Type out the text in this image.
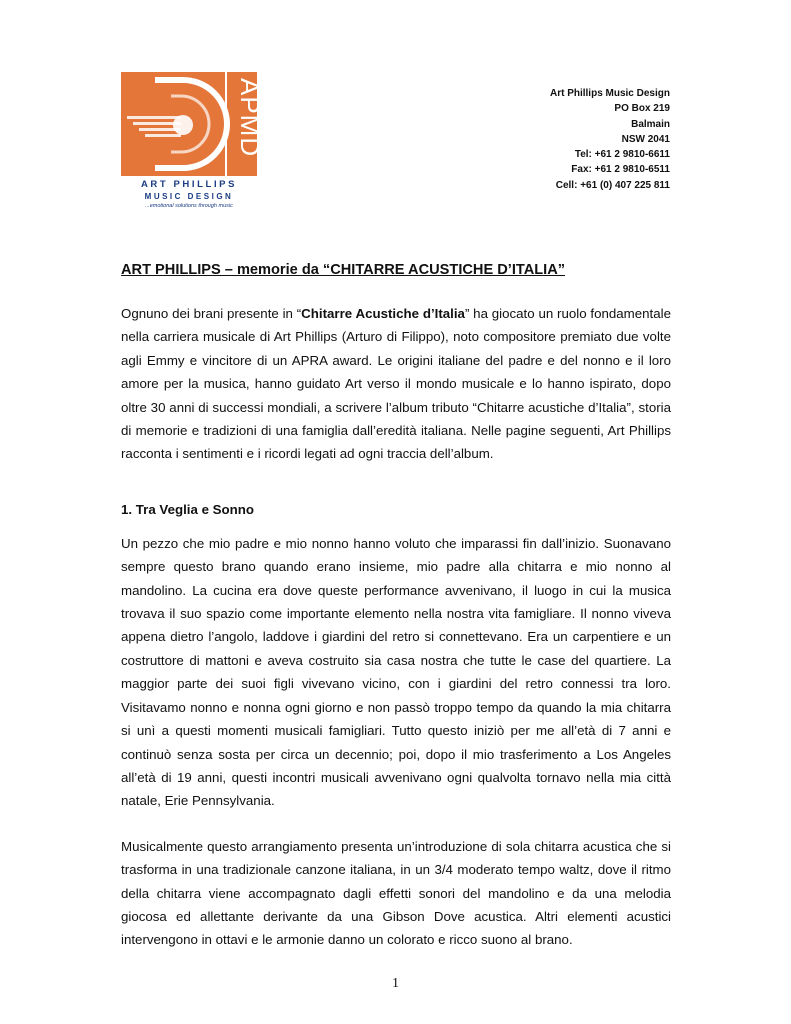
APMD
ART PHILLIPS
MUSIC DESIGN
...emotional solutions through music
Art Phillips Music Design
PO Box 219
Balmain
NSW 2041
Tel: +61 2 9810-6611
Fax: +61 2 9810-6511
Cell: +61 (0) 407 225 811
ART PHILLIPS – memorie da “CHITARRE ACUSTICHE D’ITALIA”

Ognuno dei brani presente in “Chitarre Acustiche d’Italia” ha giocato un ruolo fondamentale nella carriera musicale di Art Phillips (Arturo di Filippo), noto compositore premiato due volte agli Emmy e vincitore di un APRA award. Le origini italiane del padre e del nonno e il loro amore per la musica, hanno guidato Art verso il mondo musicale e lo hanno ispirato, dopo oltre 30 anni di successi mondiali, a scrivere l’album tributo “Chitarre acustiche d’Italia”, storia di memorie e tradizioni di una famiglia dall’eredità italiana. Nelle pagine seguenti, Art Phillips racconta i sentimenti e i ricordi legati ad ogni traccia dell’album.

1. Tra Veglia e Sonno

Un pezzo che mio padre e mio nonno hanno voluto che imparassi fin dall’inizio. Suonavano sempre questo brano quando erano insieme, mio padre alla chitarra e mio nonno al mandolino. La cucina era dove queste performance avvenivano, il luogo in cui la musica trovava il suo spazio come importante elemento nella nostra vita famigliare. Il nonno viveva appena dietro l’angolo, laddove i giardini del retro si connettevano. Era un carpentiere e un costruttore di mattoni e aveva costruito sia casa nostra che tutte le case del quartiere. La maggior parte dei suoi figli vivevano vicino, con i giardini del retro connessi tra loro. Visitavamo nonno e nonna ogni giorno e non passò troppo tempo da quando la mia chitarra si unì a questi momenti musicali famigliari. Tutto questo iniziò per me all’età di 7 anni e continuò senza sosta per circa un decennio; poi, dopo il mio trasferimento a Los Angeles all’età di 19 anni, questi incontri musicali avvenivano ogni qualvolta tornavo nella mia città natale, Erie Pennsylvania.

Musicalmente questo arrangiamento presenta un’introduzione di sola chitarra acustica che si trasforma in una tradizionale canzone italiana, in un 3/4 moderato tempo waltz, dove il ritmo della chitarra viene accompagnato dagli effetti sonori del mandolino e da una melodia giocosa ed allettante derivante da una Gibson Dove acustica. Altri elementi acustici intervengono in ottavi e le armonie danno un colorato e ricco suono al brano.

1
